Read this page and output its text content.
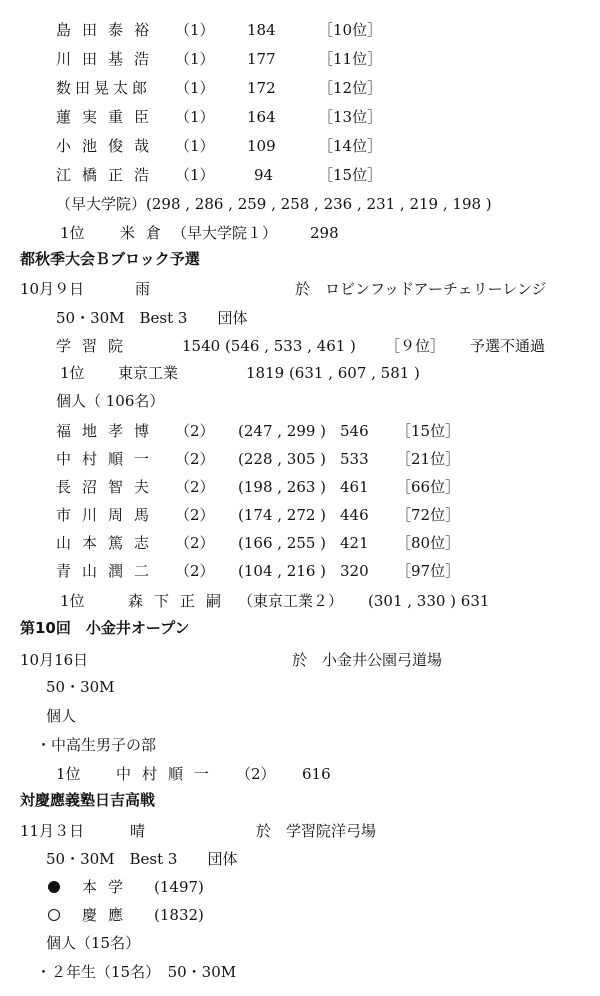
島田泰裕 （1） 184	［10位］
川田基浩 （1） 177	［11位］
数田晃太郎 （1） 172	［12位］
蓮実重臣 （1） 164	［13位］
小池俊哉 （1） 109	［14位］
江橋正浩 （1）	94	［15位］
（早大学院）(298 , 286 , 259 , 258 , 236 , 231 , 219 , 198 )
1位 米倉 （早大学院１） 298
都秋季大会Ｂブロック予選
10月９日	雨	於　ロビンフッドアーチェリーレンジ
50・30M　Best 3　　団体
学習院	1540 (546 , 533 , 461 ) ［９位］ 予選不通過
1位 東京工業	1819 (631 , 607 , 581 )
個人（ 106名）
福地孝博 （2） (247 , 299 ) 546 ［15位］
中村順一 （2） (228 , 305 ) 533 ［21位］
長沼智夫 （2） (198 , 263 ) 461 ［66位］
市川周馬 （2） (174 , 272 ) 446 ［72位］
山本篤志 （2） (166 , 255 ) 421 ［80位］
青山潤二 （2） (104 , 216 ) 320 ［97位］
1位	森下正嗣 （東京工業２） (301 , 330 ) 631
第10回　小金井オープン
10月16日	於　小金井公園弓道場
50・30M
個人
・中高生男子の部
1位 中村順一 （2） 616
対慶應義塾日吉高戦
11月３日	晴	於　学習院洋弓場
50・30M　Best 3　　団体
本学 (1497)
慶應 (1832)
個人（15名）
・２年生（15名）　50・30M
